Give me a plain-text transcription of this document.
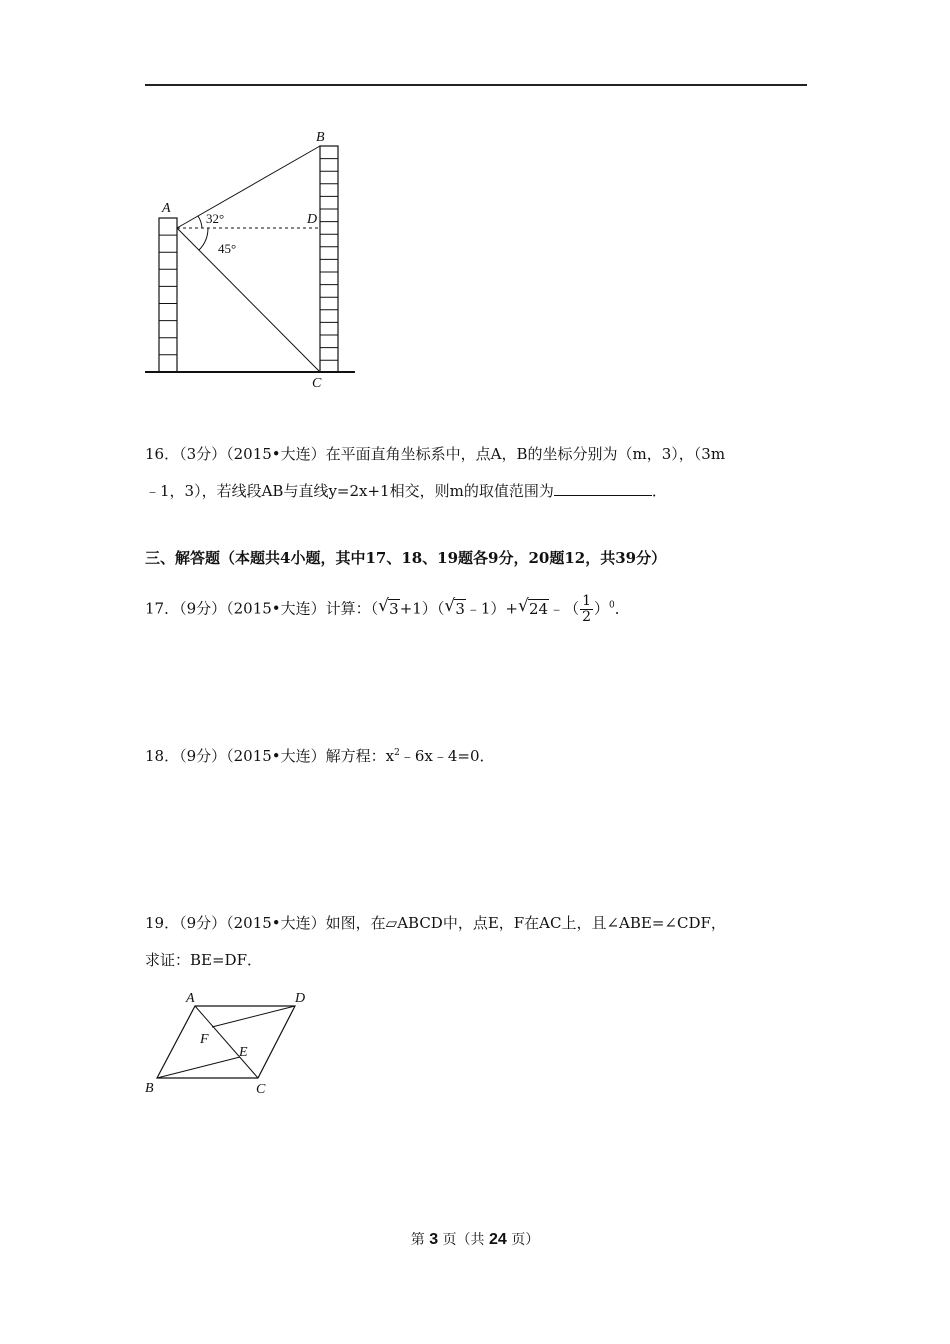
A
B
C
D
32°
45°
16．（3分）（2015•大连）在平面直角坐标系中，点A，B的坐标分别为（m，3），（3m
﹣1，3），若线段AB与直线y=2x+1相交，则m的取值范围为	．
三、解答题（本题共4小题，其中17、18、19题各9分，20题12，共39分）
17．（9分）（2015•大连）计算：（ √ 3+1）（ √ 3﹣1）+ √ 24﹣（ $\frac{1}{2} )^0$．
18．（9分）（2015•大连）解方程：$x^2﹣6x﹣4=0$．
19．（9分）（2015•大连）如图，在▱ABCD中，点E，F在AC上，且∠ABE=∠CDF，
求证：BE=DF．
A
B	C
D
E
F
第 3 页（共 24 页）
